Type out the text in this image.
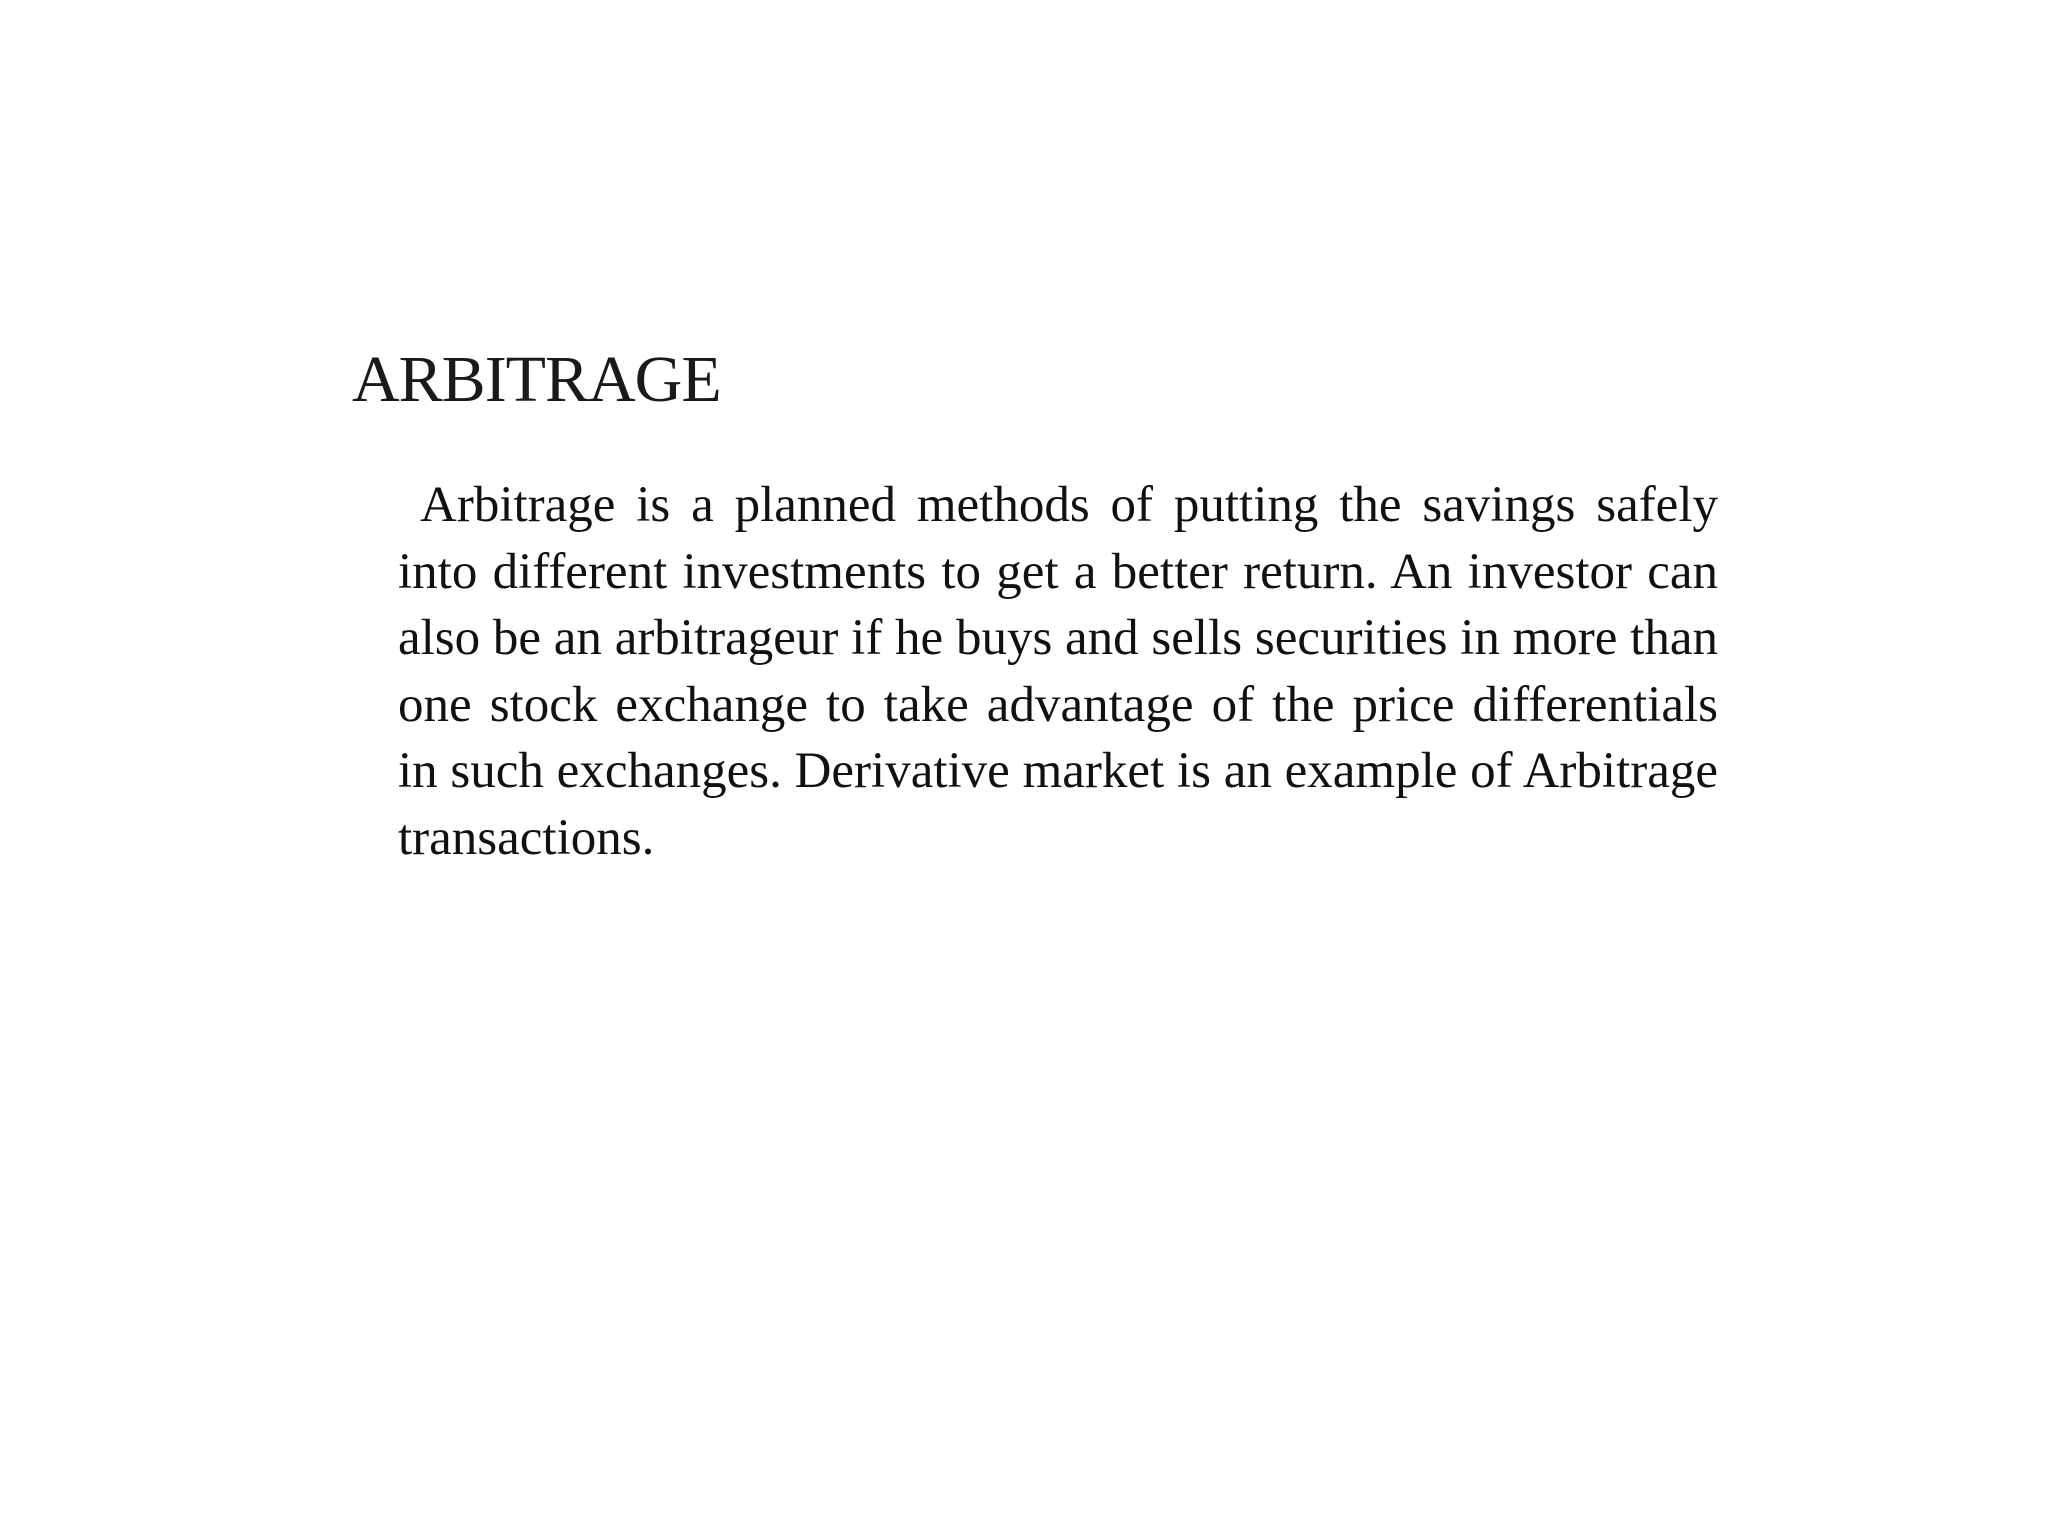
ARBITRAGE

Arbitrage is a planned methods of putting the savings safely into different investments to get a better return. An investor can also be an arbitrageur if he buys and sells securities in more than one stock exchange to take advantage of the price differentials in such exchanges. Derivative market is an example of Arbitrage transactions.
